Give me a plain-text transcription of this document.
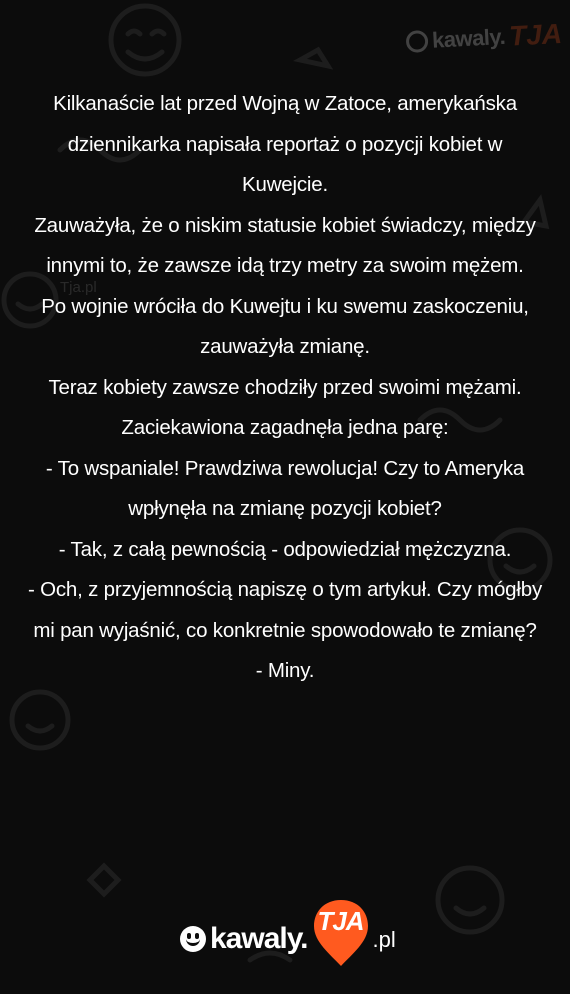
Tja.pl
kawaly. TJA

Kilkanaście lat przed Wojną w Zatoce, amerykańska dziennikarka napisała reportaż o pozycji kobiet w Kuwejcie.

Zauważyła, że o niskim statusie kobiet świadczy, między innymi to, że zawsze idą trzy metry za swoim mężem.

Po wojnie wróciła do Kuwejtu i ku swemu zaskoczeniu, zauważyła zmianę.

Teraz kobiety zawsze chodziły przed swoimi mężami.

Zaciekawiona zagadnęła jedna parę:

- To wspaniale! Prawdziwa rewolucja! Czy to Ameryka wpłynęła na zmianę pozycji kobiet?

- Tak, z całą pewnością - odpowiedział mężczyzna.

- Och, z przyjemnością napiszę o tym artykuł. Czy mógłby mi pan wyjaśnić, co konkretnie spowodowało te zmianę?

- Miny.

kawaly.
TJA
.pl
